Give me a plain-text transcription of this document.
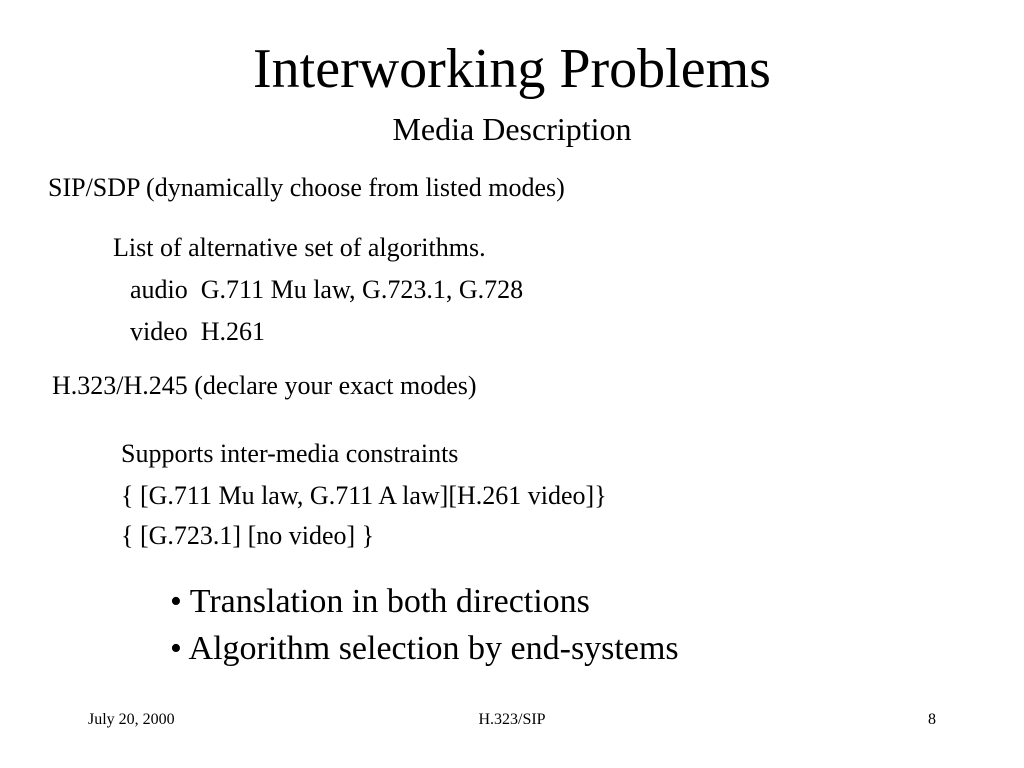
Interworking Problems
Media Description
SIP/SDP (dynamically choose from listed modes)
List of alternative set of algorithms.
audio  G.711 Mu law, G.723.1, G.728
video  H.261
H.323/H.245 (declare your exact modes)
Supports inter-media constraints
{ [G.711 Mu law, G.711 A law][H.261 video]}
{ [G.723.1] [no video] }
• Translation in both directions
• Algorithm selection by end-systems
July 20, 2000	H.323/SIP	8
